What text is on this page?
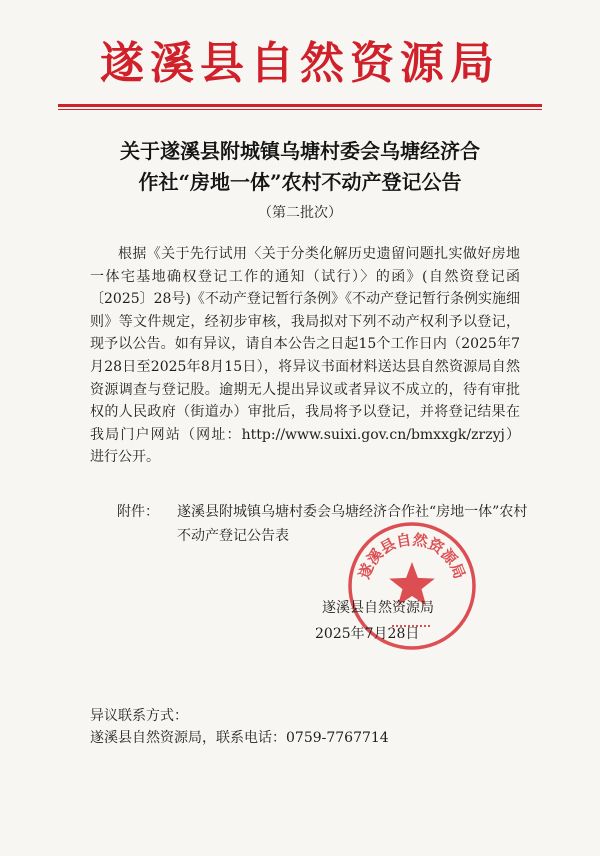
遂溪县自然资源局
关于遂溪县附城镇乌塘村委会乌塘经济合
作社“房地一体”农村不动产登记公告
（第二批次）

根据《关于先行试用〈关于分类化解历史遗留问题扎实做好房地一体宅基地确权登记工作的通知（试行）〉的函》(自然资登记函〔2025〕28号)《不动产登记暂行条例》《不动产登记暂行条例实施细则》等文件规定，经初步审核，我局拟对下列不动产权利予以登记，现予以公告。如有异议，请自本公告之日起15个工作日内（2025年7月28日至2025年8月15日），将异议书面材料送达县自然资源局自然资源调查与登记股。逾期无人提出异议或者异议不成立的，待有审批权的人民政府（街道办）审批后，我局将予以登记，并将登记结果在我局门户网站（网址：http://www.suixi.gov.cn/bmxxgk/zrzyj）进行公开。

附件： 遂溪县附城镇乌塘村委会乌塘经济合作社“房地一体”农村不动产登记公告表
遂溪县自然资源局
遂溪县自然资源局
2025年7月28日
异议联系方式：
遂溪县自然资源局，联系电话：0759-7767714
